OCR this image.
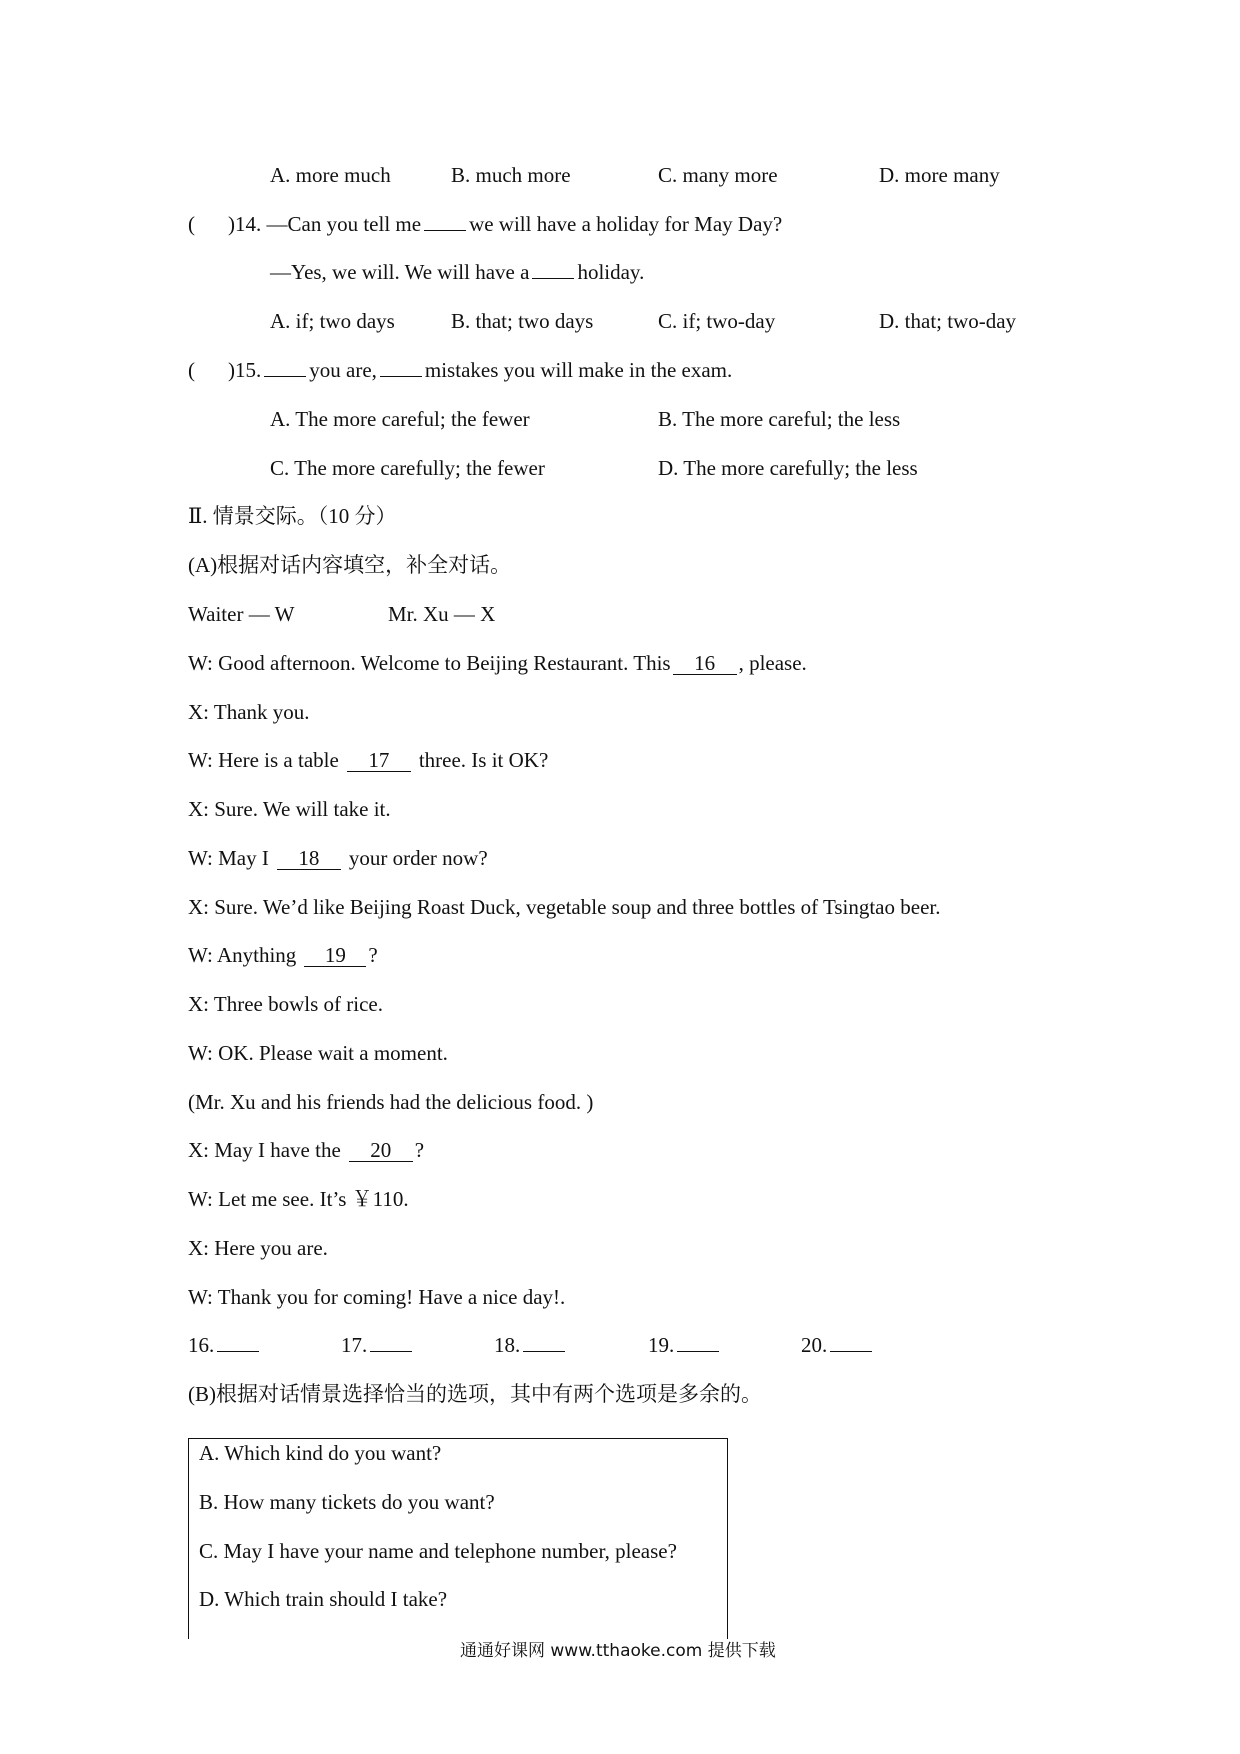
A. more much	B. much more	C. many more	D. more many
( )14. —Can you tell me we will have a holiday for May Day?
—Yes, we will. We will have a holiday.
A. if; two days	B. that; two days	C. if; two-day	D. that; two-day
( )15. you are, mistakes you will make in the exam.
A. The more careful; the fewer	B. The more careful; the less
C. The more carefully; the fewer	D. The more carefully; the less
Ⅱ. 情景交际。（10 分）
(A)根据对话内容填空，补全对话。
Waiter — W	Mr. Xu — X
W: Good afternoon. Welcome to Beijing Restaurant. This 16 , please.
X: Thank you.
W: Here is a table 17 three. Is it OK?
X: Sure. We will take it.
W: May I 18 your order now?
X: Sure. We’d like Beijing Roast Duck, vegetable soup and three bottles of Tsingtao beer.
W: Anything 19 ?
X: Three bowls of rice.
W: OK. Please wait a moment.
(Mr. Xu and his friends had the delicious food. )
X: May I have the 20 ?
W: Let me see. It’s ￥110.
X: Here you are.
W: Thank you for coming! Have a nice day!.
16.	17.	18.	19.	20.
(B)根据对话情景选择恰当的选项，其中有两个选项是多余的。
A. Which kind do you want?
B. How many tickets do you want?
C. May I have your name and telephone number, please?
D. Which train should I take?
通通好课网 www.tthaoke.com 提供下载
